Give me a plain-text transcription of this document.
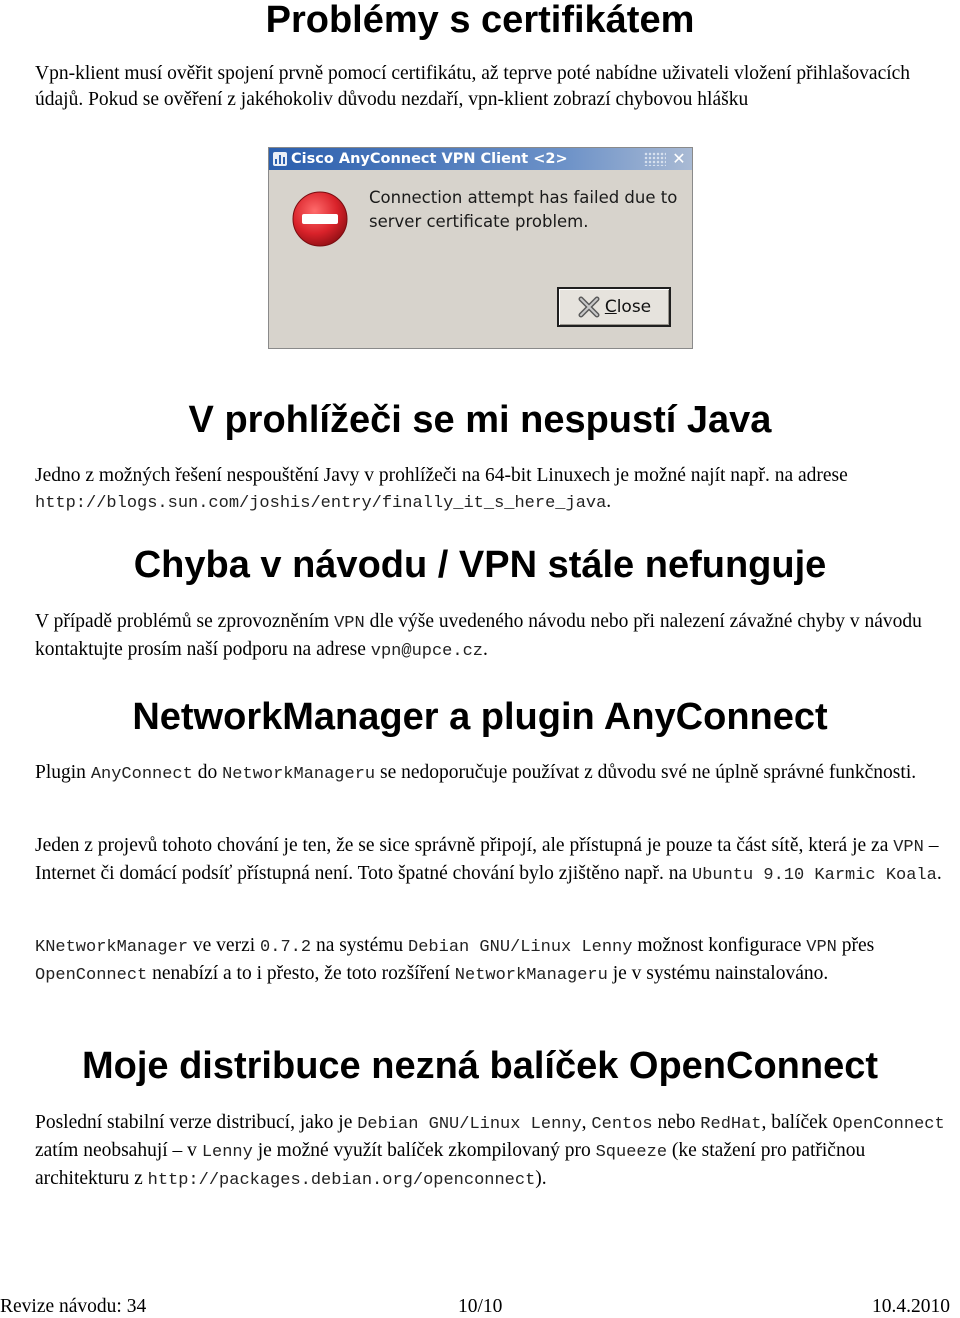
Problémy s certifikátem

Vpn-klient musí ověřit spojení prvně pomocí certifikátu, až teprve poté nabídne uživateli vložení přihlašovacích údajů. Pokud se ověření z jakéhokoliv důvodu nezdaří, vpn-klient zobrazí chybovou hlášku

Cisco AnyConnect VPN Client <2>	✕
Connection attempt has failed due to server certificate problem.
Close
V prohlížeči se mi nespustí Java

Jedno z možných řešení nespouštění Javy v prohlížeči na 64-bit Linuxech je možné najít např. na adrese http://blogs.sun.com/joshis/entry/finally_it_s_here_java.

Chyba v návodu / VPN stále nefunguje

V případě problémů se zprovozněním VPN dle výše uvedeného návodu nebo při nalezení závažné chyby v návodu kontaktujte prosím naší podporu na adrese vpn@upce.cz.

NetworkManager a plugin AnyConnect

Plugin AnyConnect do NetworkManageru se nedoporučuje používat z důvodu své ne úplně správné funkčnosti.

Jeden z projevů tohoto chování je ten, že se sice správně připojí, ale přístupná je pouze ta část sítě, která je za VPN – Internet či domácí podsíť přístupná není. Toto špatné chování bylo zjištěno např. na Ubuntu 9.10 Karmic Koala.

KNetworkManager ve verzi 0.7.2 na systému Debian GNU/Linux Lenny možnost konfigurace VPN přes OpenConnect nenabízí a to i přesto, že toto rozšíření NetworkManageru je v systému nainstalováno.

Moje distribuce nezná balíček OpenConnect

Poslední stabilní verze distribucí, jako je Debian GNU/Linux Lenny, Centos nebo RedHat, balíček OpenConnect zatím neobsahují – v Lenny je možné využít balíček zkompilovaný pro Squeeze (ke stažení pro patřičnou architekturu z http://packages.debian.org/openconnect).

Revize návodu: 34	10/10	10.4.2010
